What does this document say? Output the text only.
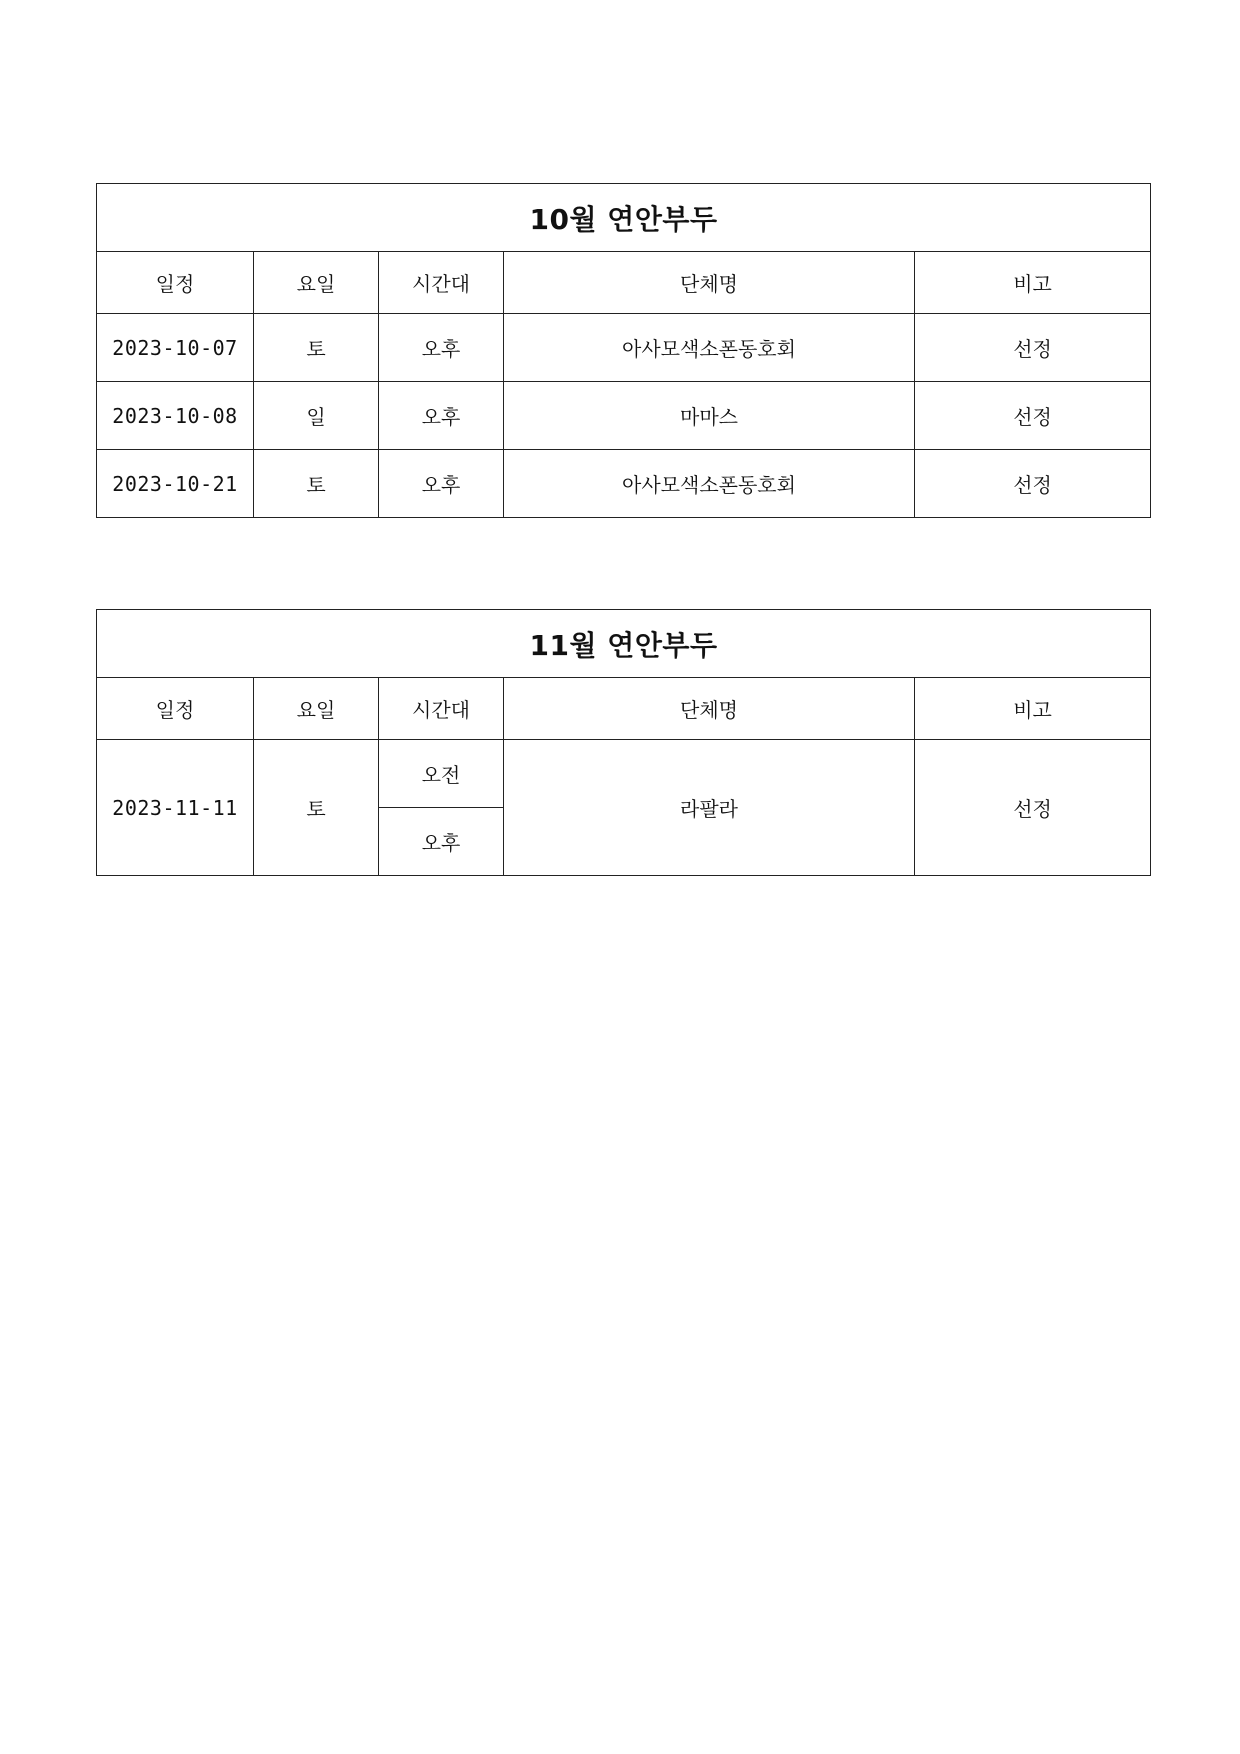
10월 연안부두				
일정	요일	시간대	단체명	비고
2023-10-07	토	오후	아사모색소폰동호회	선정
2023-10-08	일	오후	마마스	선정
2023-10-21	토	오후	아사모색소폰동호회	선정
11월 연안부두				
일정	요일	시간대	단체명	비고
2023-11-11	토	오전	라팔라	선정
		오후		
